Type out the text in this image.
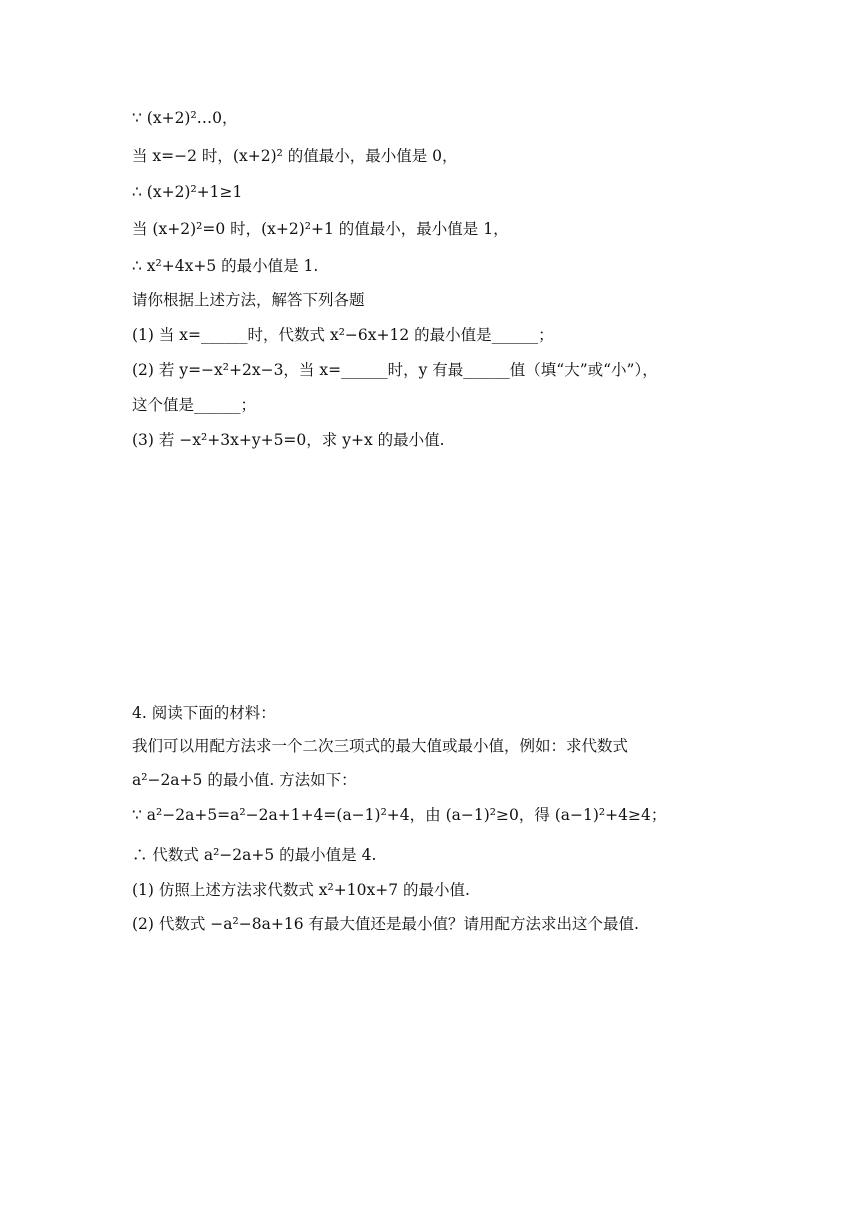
∵ (x+2)²…0，
当 x=−2 时，(x+2)² 的值最小，最小值是 0，
∴ (x+2)²+1≥1
当 (x+2)²=0 时，(x+2)²+1 的值最小，最小值是 1，
∴ x²+4x+5 的最小值是 1.
请你根据上述方法，解答下列各题
(1) 当 x=______时，代数式 x²−6x+12 的最小值是______；
(2) 若 y=−x²+2x−3，当 x=______时，y 有最______值（填“大”或“小”），
这个值是______；
(3) 若 −x²+3x+y+5=0，求 y+x 的最小值.
4. 阅读下面的材料：
我们可以用配方法求一个二次三项式的最大值或最小值，例如：求代数式
a²−2a+5 的最小值. 方法如下：
∵ a²−2a+5=a²−2a+1+4=(a−1)²+4，由 (a−1)²≥0，得 (a−1)²+4≥4；
∴ 代数式 a²−2a+5 的最小值是 4.
(1) 仿照上述方法求代数式 x²+10x+7 的最小值.
(2) 代数式 −a²−8a+16 有最大值还是最小值？请用配方法求出这个最值.
